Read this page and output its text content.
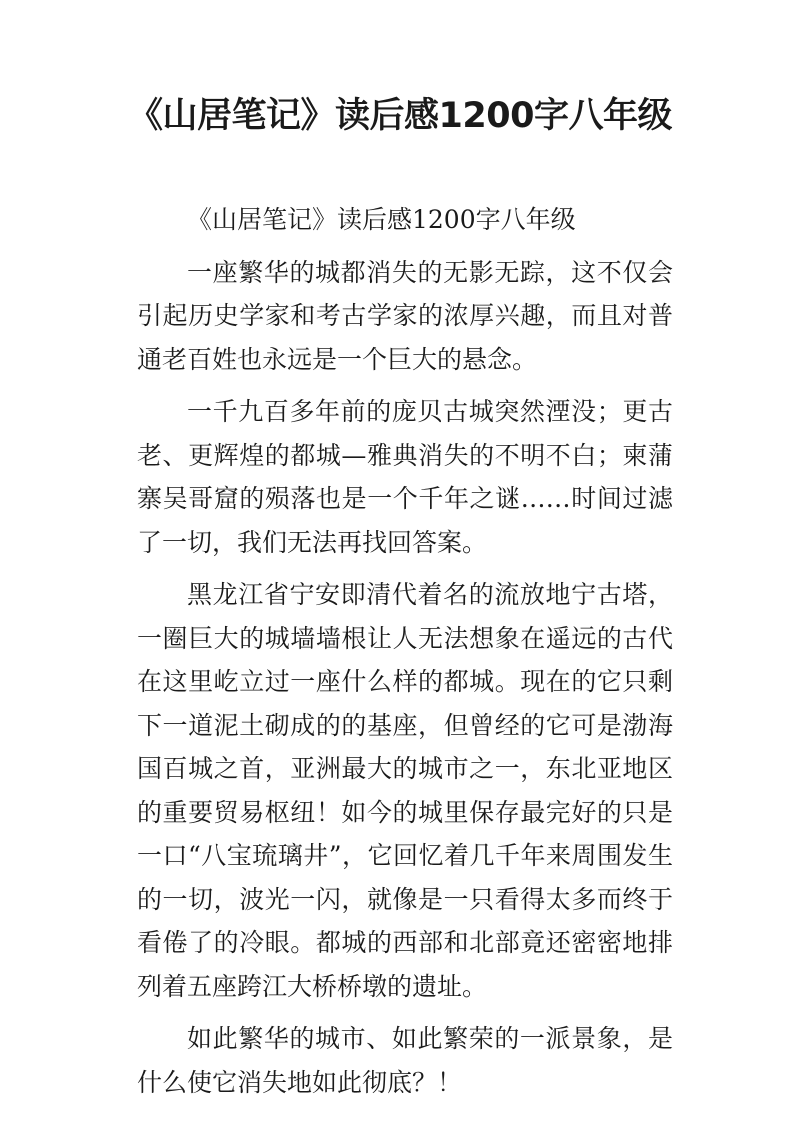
《山居笔记》读后感1200字八年级

《山居笔记》读后感1200字八年级

一座繁华的城都消失的无影无踪，这不仅会引起历史学家和考古学家的浓厚兴趣，而且对普通老百姓也永远是一个巨大的悬念。

一千九百多年前的庞贝古城突然湮没；更古老、更辉煌的都城—雅典消失的不明不白；柬蒲寨吴哥窟的殒落也是一个千年之谜……时间过滤了一切，我们无法再找回答案。

黑龙江省宁安即清代着名的流放地宁古塔，一圈巨大的城墙墙根让人无法想象在遥远的古代在这里屹立过一座什么样的都城。现在的它只剩下一道泥土砌成的的基座，但曾经的它可是渤海国百城之首，亚洲最大的城市之一，东北亚地区的重要贸易枢纽！如今的城里保存最完好的只是一口“八宝琉璃井”，它回忆着几千年来周围发生的一切，波光一闪，就像是一只看得太多而终于看倦了的冷眼。都城的西部和北部竟还密密地排列着五座跨江大桥桥墩的遗址。

如此繁华的城市、如此繁荣的一派景象，是什么使它消失地如此彻底？！
